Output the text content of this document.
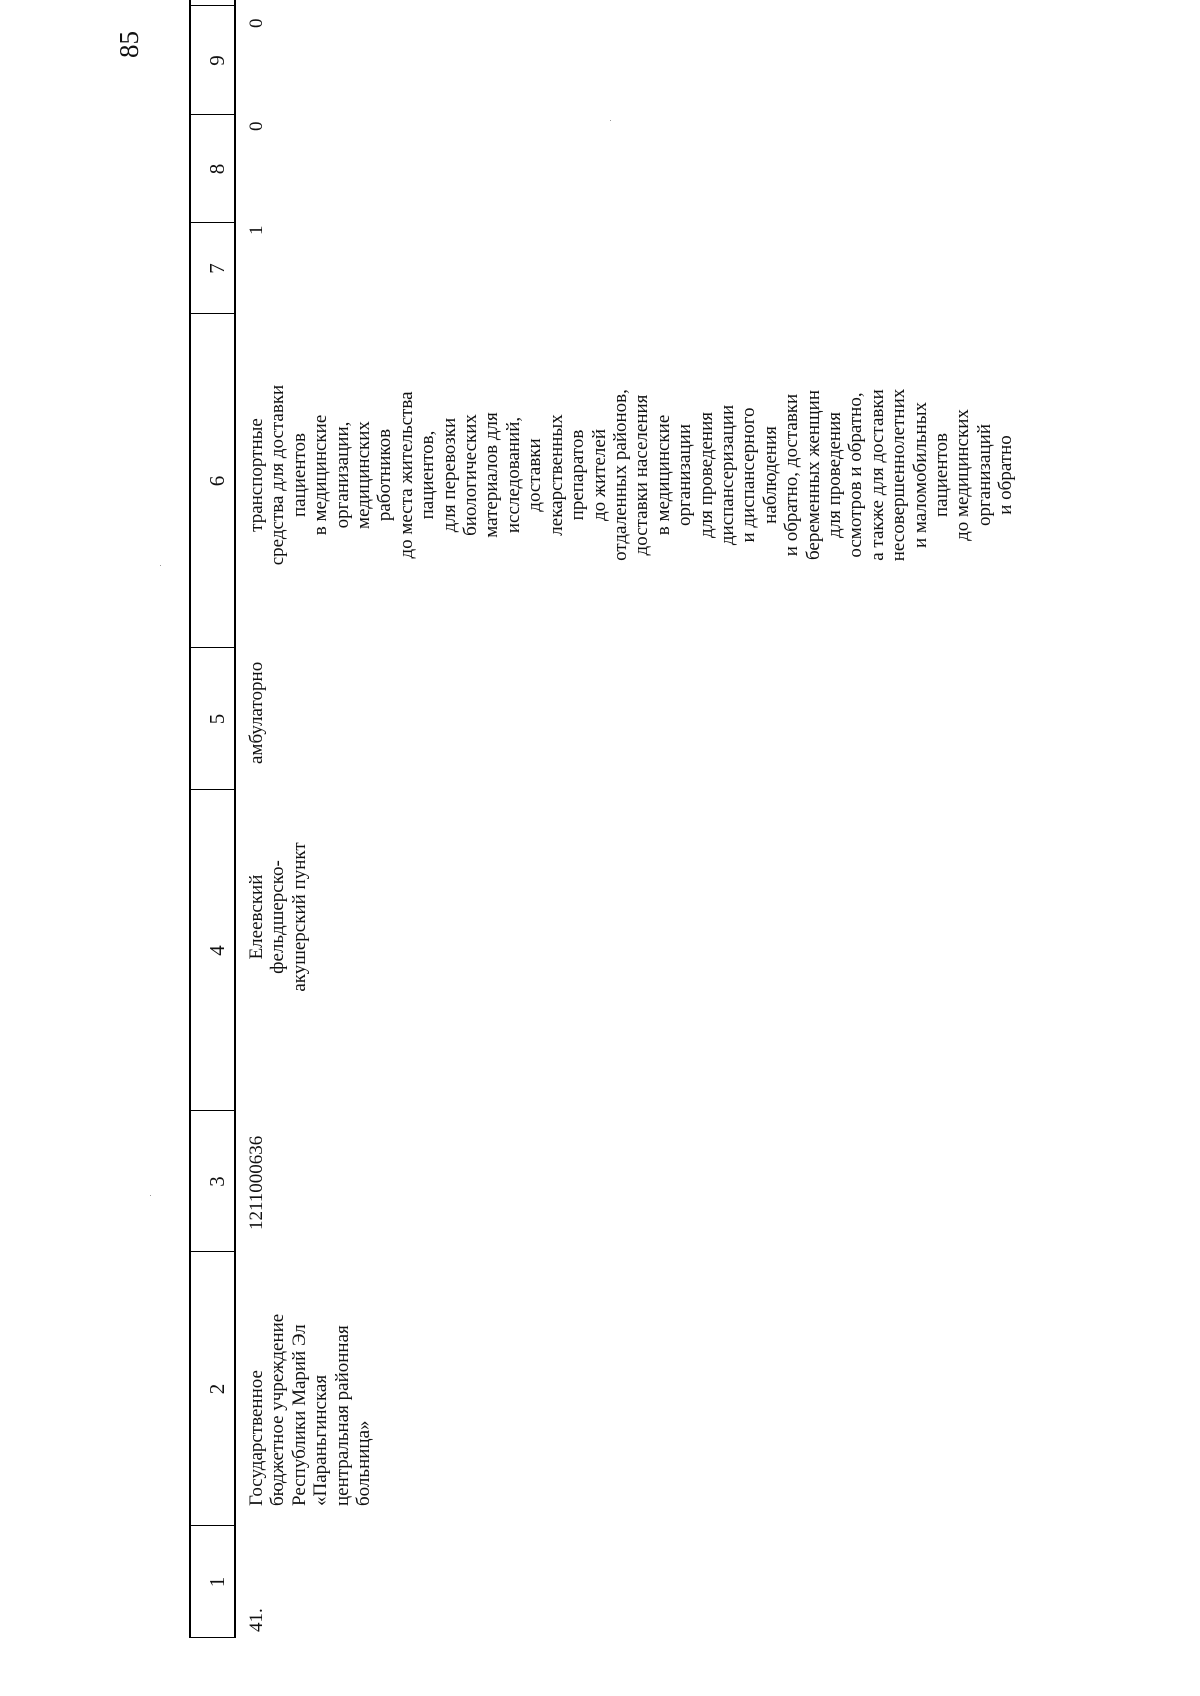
85
1
2
3
4
5
6
7
8
9
41.
Государственное бюджетное учреждение Республики Марий Эл «Параньгинская центральная районная больница»
1211000636
Елеевский фельдшерско- акушерский пункт
амбулаторно
транспортные средства для доставки пациентов в медицинские организации, медицинских работников до места жительства пациентов, для перевозки биологических материалов для исследований, доставки лекарственных препаратов до жителей отдаленных районов, доставки населения в медицинские организации для проведения диспансеризации и диспансерного наблюдения и обратно, доставки беременных женщин для проведения осмотров и обратно, а также для доставки несовершеннолетних и маломобильных пациентов до медицинских организаций и обратно
1
0
0
